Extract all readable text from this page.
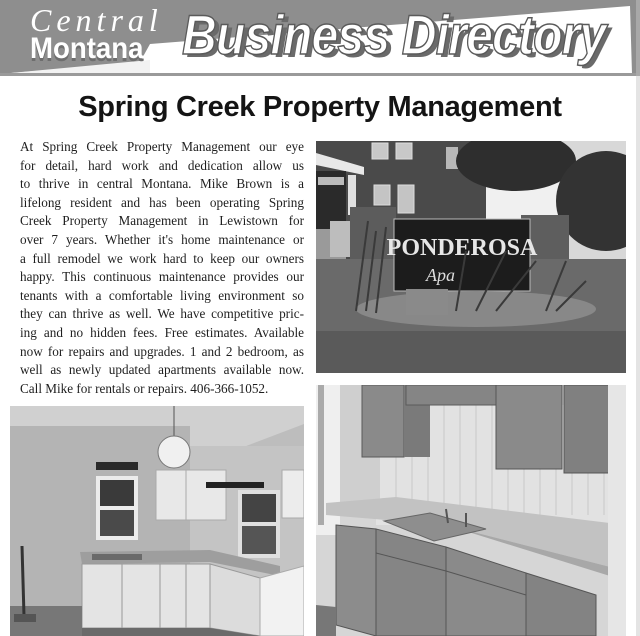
Central
Montana Business Directory
Spring Creek Property Management
At Spring Creek Property Management our eye
for detail, hard work and dedication allow us
to thrive in central Montana. Mike Brown is a
lifelong resident and has been operating Spring
Creek Property Management in Lewistown for
over 7 years. Whether it's home maintenance or
a full remodel we work hard to keep our owners
happy. This continuous maintenance provides our
tenants with a comfortable living environment so
they can thrive as well. We have competitive pric-
ing and no hidden fees. Free estimates. Available
now for repairs and upgrades. 1 and 2 bedroom, as
well as newly updated apartments available now.
Call Mike for rentals or repairs. 406-366-1052.
PONDEROSA
Apa
